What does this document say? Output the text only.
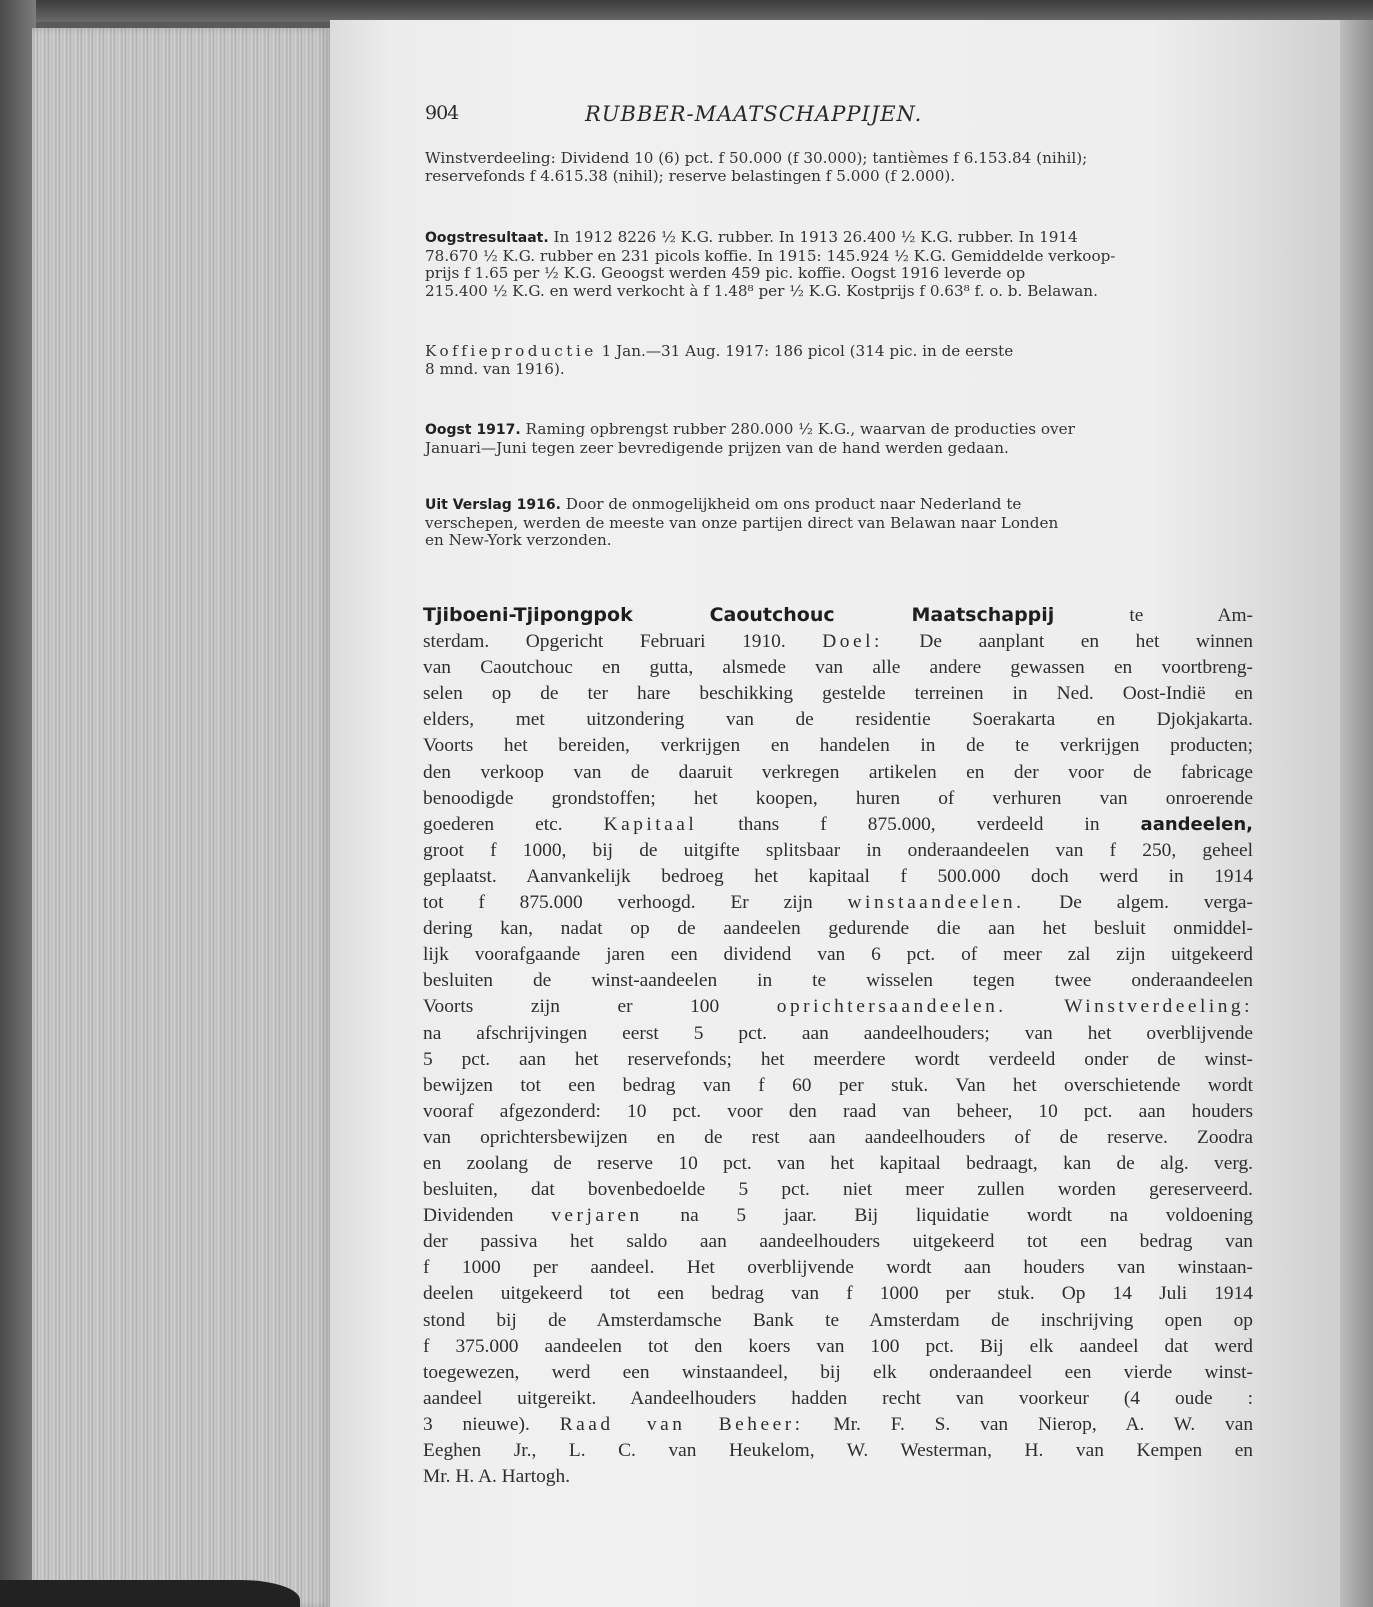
904	RUBBER-MAATSCHAPPIJEN.

Winstverdeeling: Dividend 10 (6) pct. f 50.000 (f 30.000); tantièmes f 6.153.84 (nihil);

reservefonds f 4.615.38 (nihil); reserve belastingen f 5.000 (f 2.000).

Oogstresultaat. In 1912 8226 ½ K.G. rubber. In 1913 26.400 ½ K.G. rubber. In 1914

78.670 ½ K.G. rubber en 231 picols koffie. In 1915: 145.924 ½ K.G. Gemiddelde verkoop-

prijs f 1.65 per ½ K.G. Geoogst werden 459 pic. koffie. Oogst 1916 leverde op

215.400 ½ K.G. en werd verkocht à f 1.48⁸ per ½ K.G. Kostprijs f 0.63⁸ f. o. b. Belawan.

Koffieproductie 1 Jan.—31 Aug. 1917: 186 picol (314 pic. in de eerste

8 mnd. van 1916).

Oogst 1917. Raming opbrengst rubber 280.000 ½ K.G., waarvan de producties over

Januari—Juni tegen zeer bevredigende prijzen van de hand werden gedaan.

Uit Verslag 1916. Door de onmogelijkheid om ons product naar Nederland te

verschepen, werden de meeste van onze partijen direct van Belawan naar Londen

en New-York verzonden.

Tjiboeni-Tjipongpok Caoutchouc Maatschappij te Am-
sterdam. Opgericht Februari 1910. Doel: De aanplant en het winnen
van Caoutchouc en gutta, alsmede van alle andere gewassen en voortbreng-
selen op de ter hare beschikking gestelde terreinen in Ned. Oost-Indië en
elders, met uitzondering van de residentie Soerakarta en Djokjakarta.
Voorts het bereiden, verkrijgen en handelen in de te verkrijgen producten;
den verkoop van de daaruit verkregen artikelen en der voor de fabricage
benoodigde grondstoffen; het koopen, huren of verhuren van onroerende
goederen etc. Kapitaal thans f 875.000, verdeeld in aandeelen,
groot f 1000, bij de uitgifte splitsbaar in onderaandeelen van f 250, geheel
geplaatst. Aanvankelijk bedroeg het kapitaal f 500.000 doch werd in 1914
tot f 875.000 verhoogd. Er zijn winstaandeelen. De algem. verga-
dering kan, nadat op de aandeelen gedurende die aan het besluit onmiddel-
lijk voorafgaande jaren een dividend van 6 pct. of meer zal zijn uitgekeerd
besluiten de winst-aandeelen in te wisselen tegen twee onderaandeelen
Voorts zijn er 100 oprichtersaandeelen.	Winstverdeeling:
na afschrijvingen eerst 5 pct. aan aandeelhouders; van het overblijvende
5 pct. aan het reservefonds; het meerdere wordt verdeeld onder de winst-
bewijzen tot een bedrag van f 60 per stuk. Van het overschietende wordt
vooraf afgezonderd: 10 pct. voor den raad van beheer, 10 pct. aan houders
van oprichtersbewijzen en de rest aan aandeelhouders of de reserve. Zoodra
en zoolang de reserve 10 pct. van het kapitaal bedraagt, kan de alg. verg.
besluiten, dat bovenbedoelde 5 pct. niet meer zullen worden gereserveerd.
Dividenden verjaren na 5 jaar. Bij liquidatie wordt na voldoening
der passiva het saldo aan aandeelhouders uitgekeerd tot een bedrag van
f 1000 per aandeel. Het overblijvende wordt aan houders van winstaan-
deelen uitgekeerd tot een bedrag van f 1000 per stuk. Op 14 Juli 1914
stond bij de Amsterdamsche Bank te Amsterdam de inschrijving open op
f 375.000 aandeelen tot den koers van 100 pct. Bij elk aandeel dat werd
toegewezen, werd een winstaandeel, bij elk onderaandeel een vierde winst-
aandeel uitgereikt. Aandeelhouders hadden recht van voorkeur (4 oude :
3 nieuwe). Raad van Beheer: Mr. F. S. van Nierop, A. W. van
Eeghen Jr., L. C. van Heukelom, W. Westerman, H. van Kempen en
Mr. H. A. Hartogh.
